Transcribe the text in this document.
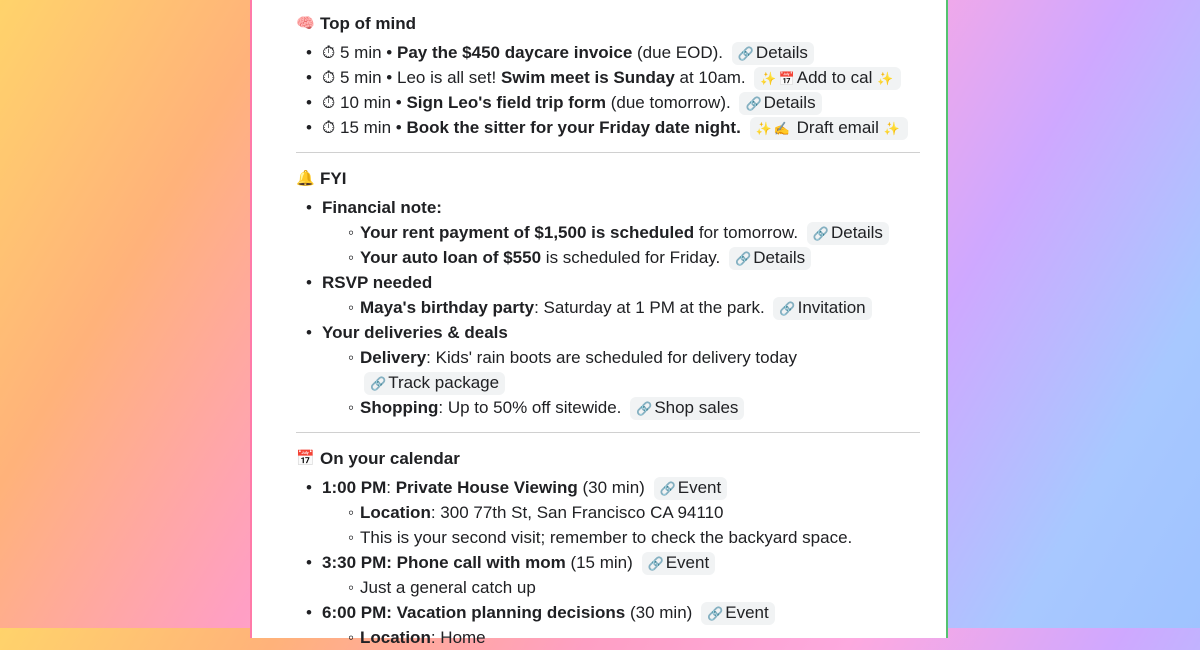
🧠 Top of mind
• ⏱ 5 min • Pay the $450 daycare invoice (due EOD). 🔗 Details
• ⏱ 5 min • Leo is all set! Swim meet is Sunday at 10am. ✨ 📅 Add to cal ✨
• ⏱ 10 min • Sign Leo's field trip form (due tomorrow). 🔗 Details
• ⏱ 15 min • Book the sitter for your Friday date night. ✨ ✍ Draft email ✨
🔔 FYI
• Financial note:
◦ Your rent payment of $1,500 is scheduled for tomorrow. 🔗 Details
◦ Your auto loan of $550 is scheduled for Friday. 🔗 Details
• RSVP needed
◦ Maya's birthday party: Saturday at 1 PM at the park. 🔗 Invitation
• Your deliveries & deals
◦ Delivery: Kids' rain boots are scheduled for delivery today 🔗 Track package
◦ Shopping: Up to 50% off sitewide. 🔗 Shop sales
📅 On your calendar
• 1:00 PM: Private House Viewing (30 min) 🔗 Event
◦ Location: 300 77th St, San Francisco CA 94110
◦ This is your second visit; remember to check the backyard space.
• 3:30 PM: Phone call with mom (15 min) 🔗 Event
◦ Just a general catch up
• 6:00 PM: Vacation planning decisions (30 min) 🔗 Event
◦ Location: Home
